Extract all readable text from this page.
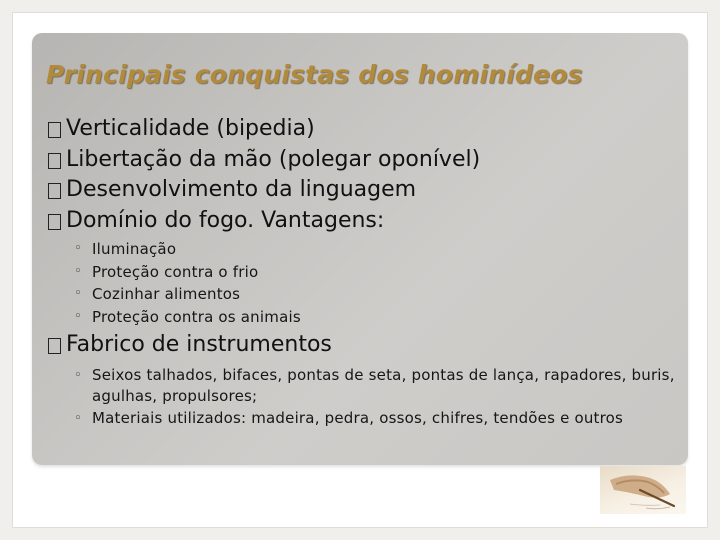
Principais conquistas dos hominídeos
Verticalidade (bipedia)
Libertação da mão (polegar oponível)
Desenvolvimento da linguagem
Domínio do fogo. Vantagens:
◦ Iluminação
◦ Proteção contra o frio
◦ Cozinhar alimentos
◦ Proteção contra os animais
Fabrico de instrumentos
◦ Seixos talhados, bifaces, pontas de seta, pontas de lança, rapadores, buris, agulhas, propulsores;
◦ Materiais utilizados: madeira, pedra, ossos, chifres, tendões e outros
